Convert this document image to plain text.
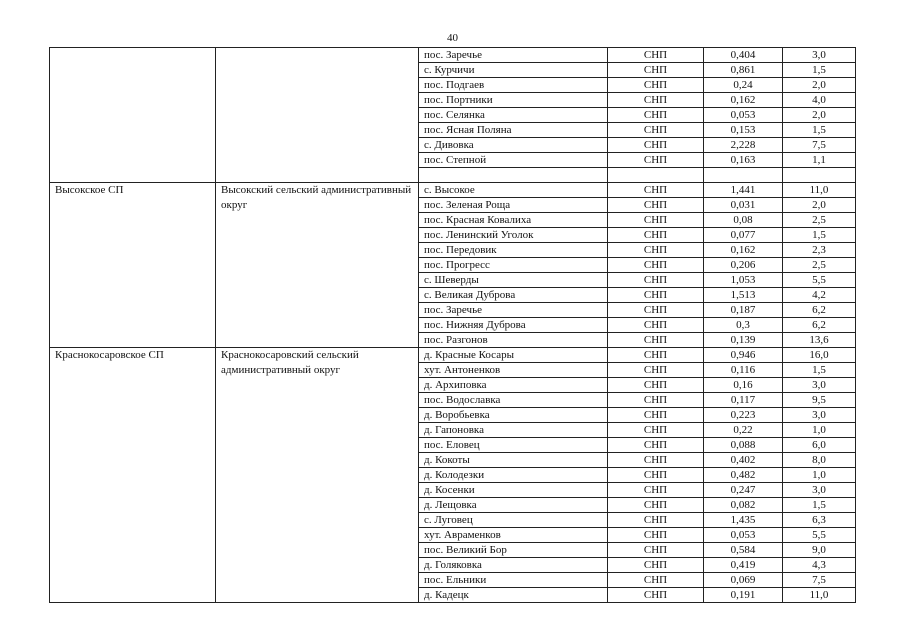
40
		пос. Заречье	СНП	0,404	3,0
		с. Курчичи	СНП	0,861	1,5
		пос. Подгаев	СНП	0,24	2,0
		пос. Портники	СНП	0,162	4,0
		пос. Селянка	СНП	0,053	2,0
		пос. Ясная Поляна	СНП	0,153	1,5
		с. Дивовка	СНП	2,228	7,5
		пос. Степной	СНП	0,163	1,1

Высокское СП	Высокский сельский административный округ	с. Высокое	СНП	1,441	11,0
		пос. Зеленая Роща	СНП	0,031	2,0
		пос. Красная Ковалиха	СНП	0,08	2,5
		пос. Ленинский Уголок	СНП	0,077	1,5
		пос. Передовик	СНП	0,162	2,3
		пос. Прогресс	СНП	0,206	2,5
		с. Шеверды	СНП	1,053	5,5
		с. Великая Дуброва	СНП	1,513	4,2
		пос. Заречье	СНП	0,187	6,2
		пос. Нижняя Дуброва	СНП	0,3	6,2
		пос. Разгонов	СНП	0,139	13,6
Краснокосаровское СП	Краснокосаровский сельский административный округ	д. Красные Косары	СНП	0,946	16,0
		хут. Антоненков	СНП	0,116	1,5
		д. Архиповка	СНП	0,16	3,0
		пос. Водославка	СНП	0,117	9,5
		д. Воробьевка	СНП	0,223	3,0
		д. Гапоновка	СНП	0,22	1,0
		пос. Еловец	СНП	0,088	6,0
		д. Кокоты	СНП	0,402	8,0
		д. Колодезки	СНП	0,482	1,0
		д. Косенки	СНП	0,247	3,0
		д. Лещовка	СНП	0,082	1,5
		с. Луговец	СНП	1,435	6,3
		хут. Авраменков	СНП	0,053	5,5
		пос. Великий Бор	СНП	0,584	9,0
		д. Голяковка	СНП	0,419	4,3
		пос. Ельники	СНП	0,069	7,5
		д. Кадецк	СНП	0,191	11,0
